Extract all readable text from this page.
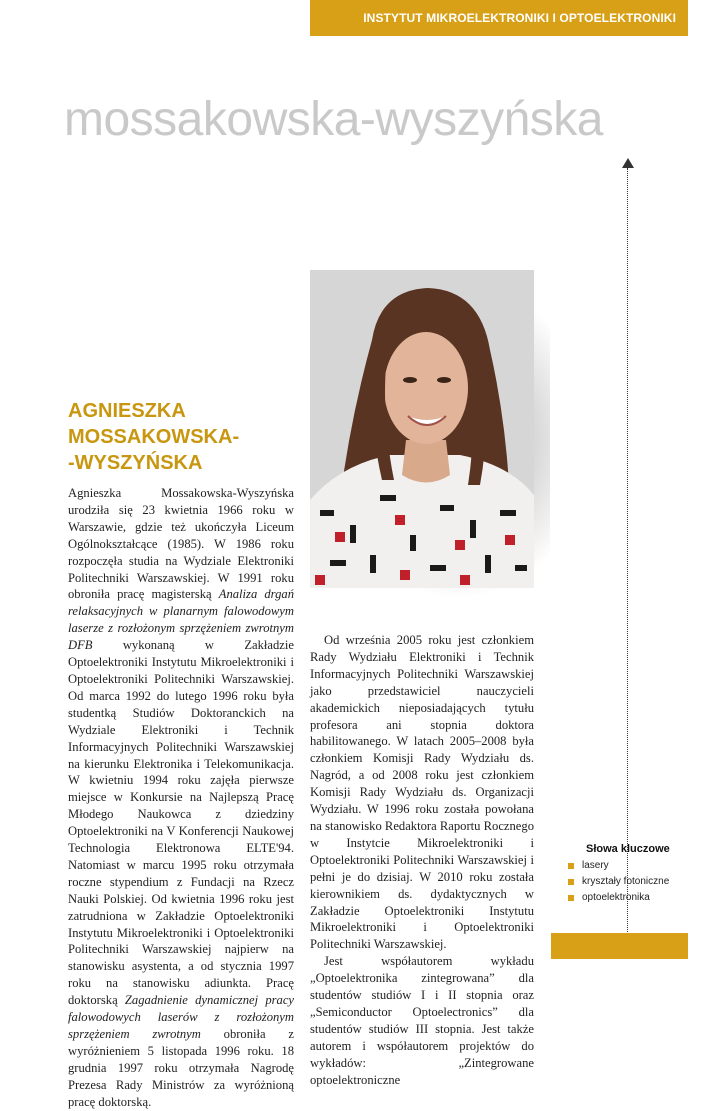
INSTYTUT MIKROELEKTRONIKI I OPTOELEKTRONIKI
mossakowska-wyszyńska
AGNIESZKA
MOSSAKOWSKA-
-WYSZYŃSKA

Agnieszka Mossakowska-Wyszyńska urodziła się 23 kwietnia 1966 roku w Warszawie, gdzie też ukończyła Liceum Ogólnokształcące (1985). W 1986 roku rozpoczęła studia na Wydziale Elektroniki Politechniki Warszawskiej. W 1991 roku obroniła pracę magisterską Analiza drgań relaksacyjnych w planarnym falowodowym laserze z rozłożonym sprzężeniem zwrotnym DFB wykonaną w Zakładzie Optoelektroniki Instytutu Mikroelektroniki i Optoelektroniki Politechniki Warszawskiej. Od marca 1992 do lutego 1996 roku była studentką Studiów Doktoranckich na Wydziale Elektroniki i Technik Informacyjnych Politechniki Warszawskiej na kierunku Elektronika i Telekomunikacja. W kwietniu 1994 roku zajęła pierwsze miejsce w Konkursie na Najlepszą Pracę Młodego Naukowca z dziedziny Optoelektroniki na V Konferencji Naukowej Technologia Elektronowa ELTE'94. Natomiast w marcu 1995 roku otrzymała roczne stypendium z Fundacji na Rzecz Nauki Polskiej. Od kwietnia 1996 roku jest zatrudniona w Zakładzie Optoelektroniki Instytutu Mikroelektroniki i Optoelektroniki Politechniki Warszawskiej najpierw na stanowisku asystenta, a od stycznia 1997 roku na stanowisku adiunkta. Pracę doktorską Zagadnienie dynamicznej pracy falowodowych laserów z rozłożonym sprzężeniem zwrotnym obroniła z wyróżnieniem 5 listopada 1996 roku. 18 grudnia 1997 roku otrzymała Nagrodę Prezesa Rady Ministrów za wyróżnioną pracę doktorską.

Od września 2005 roku jest członkiem Rady Wydziału Elektroniki i Technik Informacyjnych Politechniki Warszawskiej jako przedstawiciel nauczycieli akademickich nieposiadających tytułu profesora ani stopnia doktora habilitowanego. W latach 2005–2008 była członkiem Komisji Rady Wydziału ds. Nagród, a od 2008 roku jest członkiem Komisji Rady Wydziału ds. Organizacji Wydziału. W 1996 roku została powołana na stanowisko Redaktora Raportu Rocznego w Instytcie Mikroelektroniki i Optoelektroniki Politechniki Warszawskiej i pełni je do dzisiaj. W 2010 roku została kierownikiem ds. dydaktycznych w Zakładzie Optoelektroniki Instytutu Mikroelektroniki i Optoelektroniki Politechniki Warszawskiej.

Jest współautorem wykładu „Optoelektronika zintegrowana” dla studentów studiów I i II stopnia oraz „Semiconductor Optoelectronics” dla studentów studiów III stopnia. Jest także autorem i współautorem projektów do wykładów: „Zintegrowane optoelektroniczne

Słowa kluczowe
lasery
kryształy fotoniczne
optoelektronika
